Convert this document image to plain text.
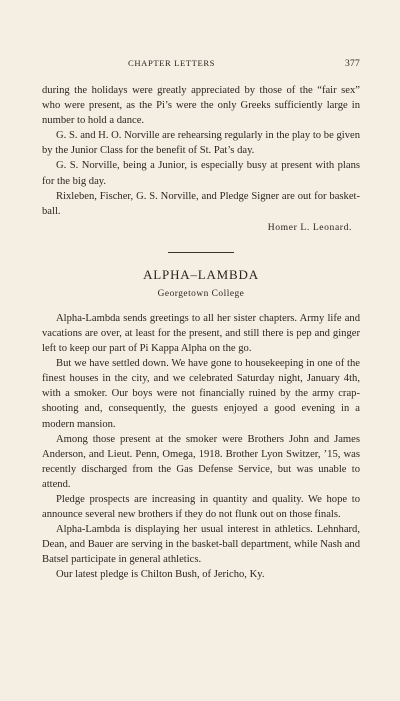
CHAPTER LETTERS	377

during the holidays were greatly appreciated by those of the “fair sex” who were present, as the Pi’s were the only Greeks sufficiently large in number to hold a dance.

G. S. and H. O. Norville are rehearsing regularly in the play to be given by the Junior Class for the benefit of St. Pat’s day.

G. S. Norville, being a Junior, is especially busy at present with plans for the big day.

Rixleben, Fischer, G. S. Norville, and Pledge Signer are out for basket-ball.

Homer L. Leonard.
ALPHA–LAMBDA
Georgetown College

Alpha-Lambda sends greetings to all her sister chapters. Army life and vacations are over, at least for the present, and still there is pep and ginger left to keep our part of Pi Kappa Alpha on the go.

But we have settled down. We have gone to housekeeping in one of the finest houses in the city, and we celebrated Saturday night, January 4th, with a smoker. Our boys were not financially ruined by the army crap-shooting and, consequently, the guests enjoyed a good evening in a modern mansion.

Among those present at the smoker were Brothers John and James Anderson, and Lieut. Penn, Omega, 1918. Brother Lyon Switzer, ’15, was recently discharged from the Gas Defense Service, but was unable to attend.

Pledge prospects are increasing in quantity and quality. We hope to announce several new brothers if they do not flunk out on those finals.

Alpha-Lambda is displaying her usual interest in athletics. Lehnhard, Dean, and Bauer are serving in the basket-ball department, while Nash and Batsel participate in general athletics.

Our latest pledge is Chilton Bush, of Jericho, Ky.
